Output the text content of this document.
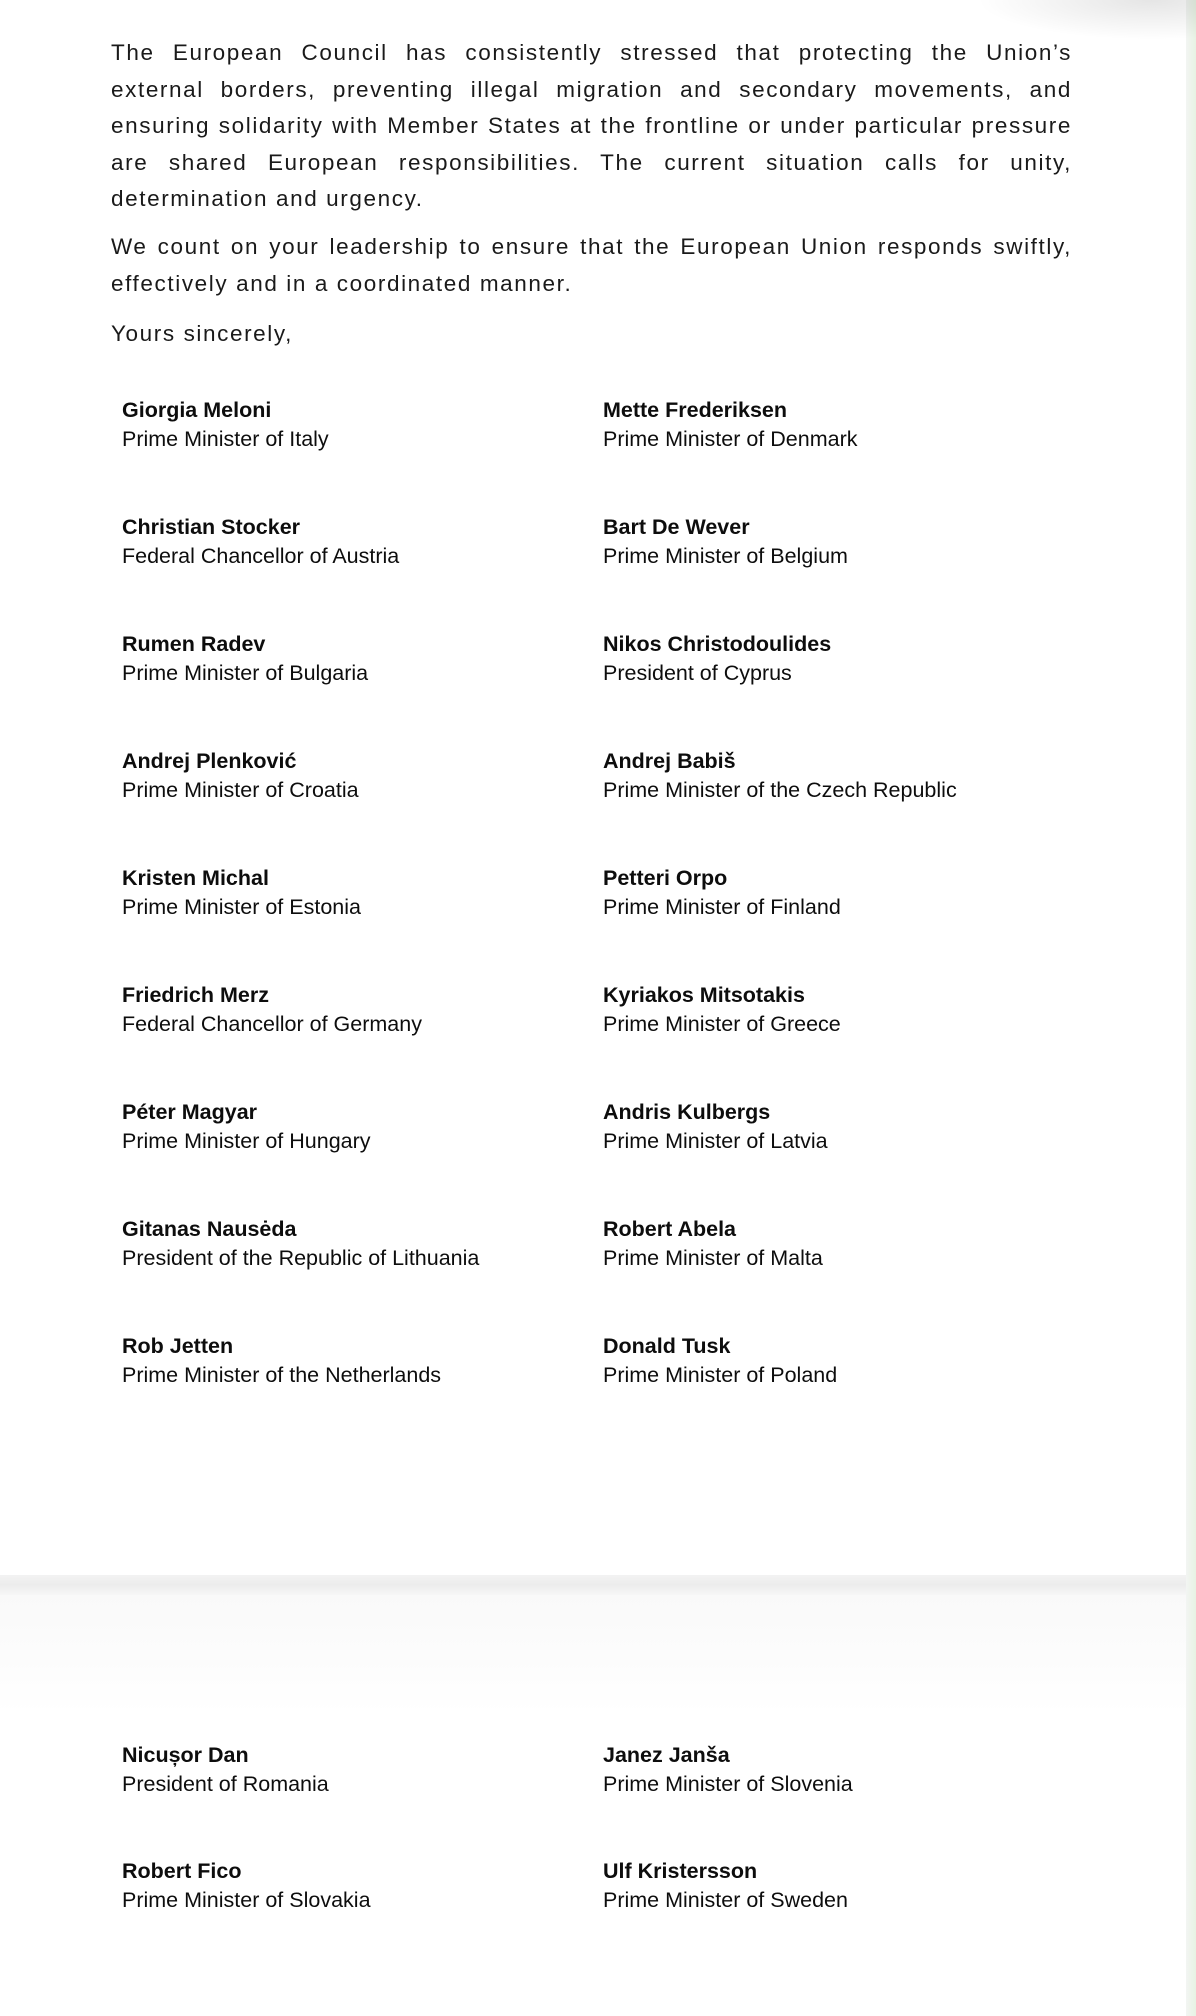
The European Council has consistently stressed that protecting the Union’s external borders, preventing illegal migration and secondary movements, and ensuring solidarity with Member States at the frontline or under particular pressure are shared European responsibilities. The current situation calls for unity, determination and urgency.

We count on your leadership to ensure that the European Union responds swiftly, effectively and in a coordinated manner.

Yours sincerely,

Giorgia Meloni
Prime Minister of Italy
Mette Frederiksen
Prime Minister of Denmark
Christian Stocker
Federal Chancellor of Austria
Bart De Wever
Prime Minister of Belgium
Rumen Radev
Prime Minister of Bulgaria
Nikos Christodoulides
President of Cyprus
Andrej Plenković
Prime Minister of Croatia
Andrej Babiš
Prime Minister of the Czech Republic
Kristen Michal
Prime Minister of Estonia
Petteri Orpo
Prime Minister of Finland
Friedrich Merz
Federal Chancellor of Germany
Kyriakos Mitsotakis
Prime Minister of Greece
Péter Magyar
Prime Minister of Hungary
Andris Kulbergs
Prime Minister of Latvia
Gitanas Nausėda
President of the Republic of Lithuania
Robert Abela
Prime Minister of Malta
Rob Jetten
Prime Minister of the Netherlands
Donald Tusk
Prime Minister of Poland
Nicușor Dan
President of Romania
Janez Janša
Prime Minister of Slovenia
Robert Fico
Prime Minister of Slovakia
Ulf Kristersson
Prime Minister of Sweden
